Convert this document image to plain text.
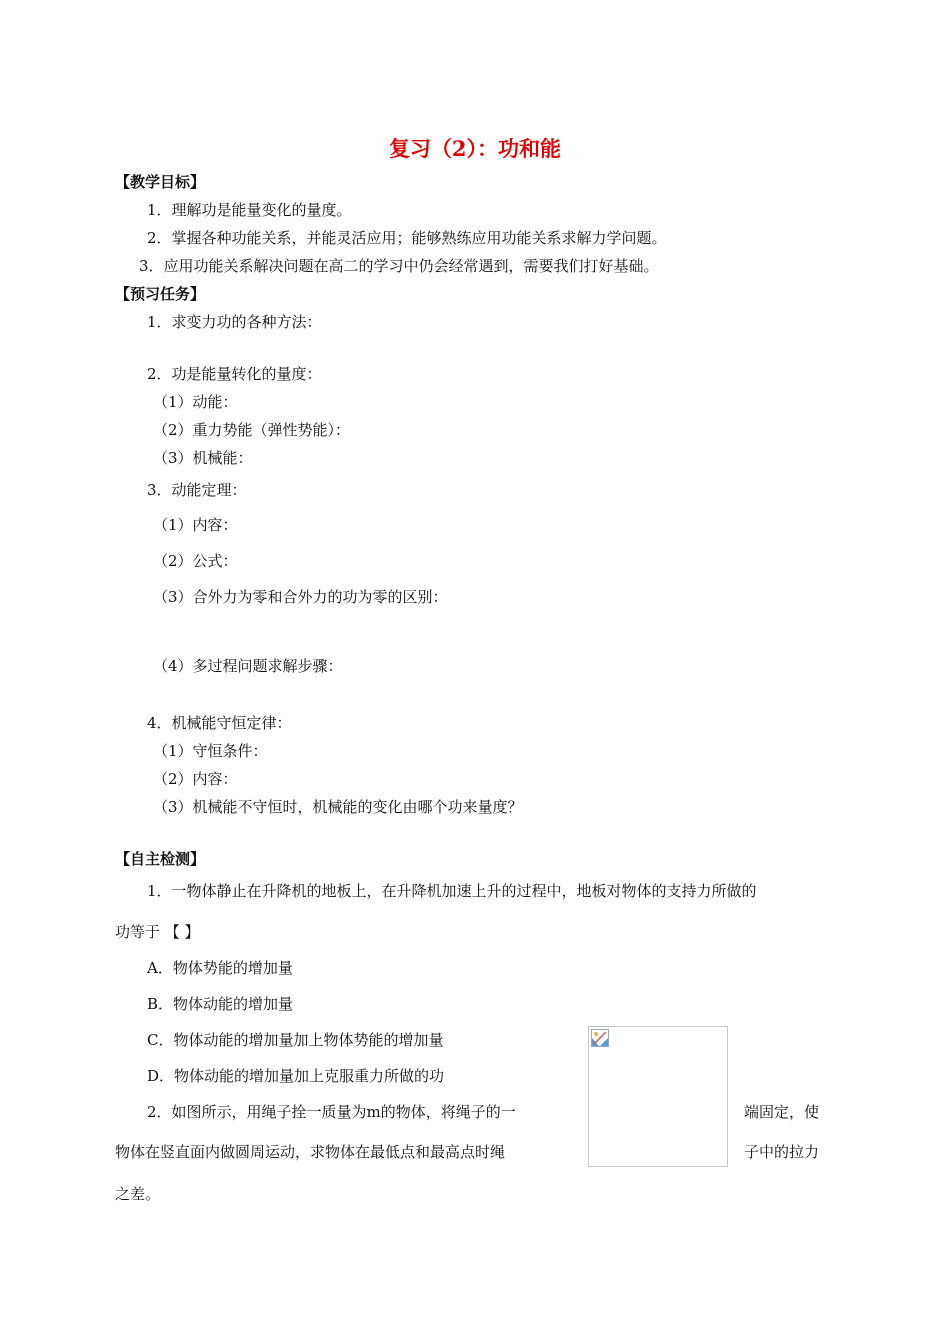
复习（2）：功和能
【教学目标】
1．理解功是能量变化的量度。
2．掌握各种功能关系，并能灵活应用；能够熟练应用功能关系求解力学问题。
3．应用功能关系解决问题在高二的学习中仍会经常遇到，需要我们打好基础。
【预习任务】
1．求变力功的各种方法：
2．功是能量转化的量度：
（1）动能：
（2）重力势能（弹性势能）：
（3）机械能：
3．动能定理：
（1）内容：
（2）公式：
（3）合外力为零和合外力的功为零的区别：
（4）多过程问题求解步骤：
4．机械能守恒定律：
（1）守恒条件：
（2）内容：
（3）机械能不守恒时，机械能的变化由哪个功来量度？
【自主检测】
1．一物体静止在升降机的地板上，在升降机加速上升的过程中，地板对物体的支持力所做的
功等于 【 】
A．物体势能的增加量
B．物体动能的增加量
C．物体动能的增加量加上物体势能的增加量
D．物体动能的增加量加上克服重力所做的功
2．如图所示，用绳子拴一质量为m的物体，将绳子的一	端固定，使
物体在竖直面内做圆周运动，求物体在最低点和最高点时绳	子中的拉力
之差。
